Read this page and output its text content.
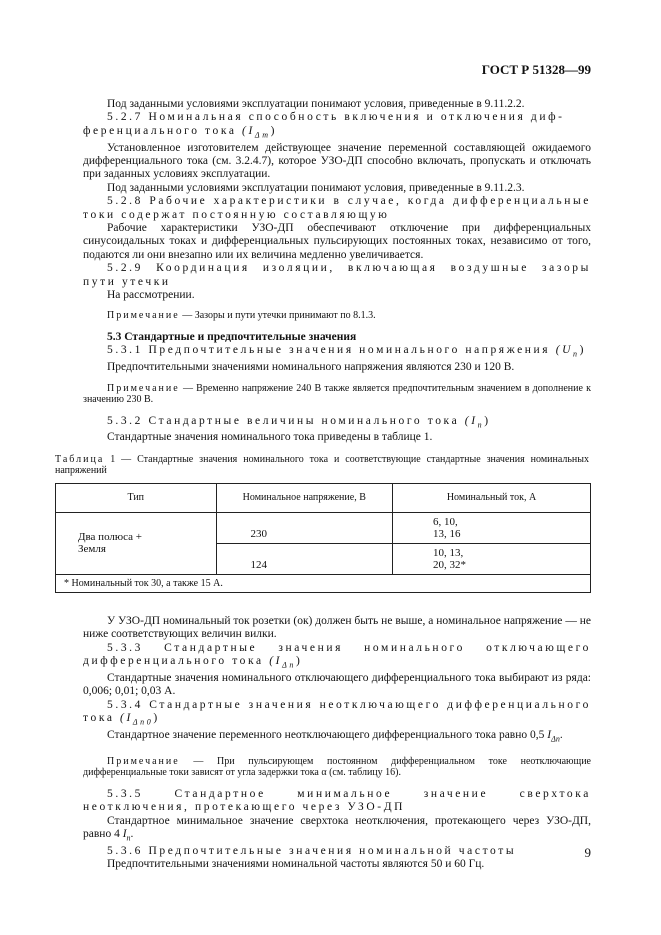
ГОСТ Р 51328—99

Под заданными условиями эксплуатации понимают условия, приведенные в 9.11.2.2.

5.2.7 Номинальная способность включения и отключения диф-

ференциального тока $(I_{\Delta m})$

Установленное изготовителем действующее значение переменной составляющей ожидаемого дифференциального тока (см. 3.2.4.7), которое УЗО-ДП способно включать, пропускать и отключать при заданных условиях эксплуатации.

Под заданными условиями эксплуатации понимают условия, приведенные в 9.11.2.3.

5.2.8 Рабочие характеристики в случае, когда дифференциальные токи содержат постоянную составляющую

Рабочие характеристики УЗО-ДП обеспечивают отключение при дифференциальных синусоидальных токах и дифференциальных пульсирующих постоянных токах, независимо от того, подаются ли они внезапно или их величина медленно увеличивается.

5.2.9 Координация изоляции, включающая воздушные зазоры пути утечки

На рассмотрении.

Примечание — Зазоры и пути утечки принимают по 8.1.3.

5.3 Стандартные и предпочтительные значения

5.3.1 Предпочтительные значения номинального напряжения $(U_n)$

Предпочтительными значениями номинального напряжения являются 230 и 120 В.

Примечание — Временно напряжение 240 В также является предпочтительным значением в дополнение к значению 230 В.

5.3.2 Стандартные величины номинального тока $(I_n)$

Стандартные значения номинального тока приведены в таблице 1.

Таблица 1 — Стандартные значения номинального тока и соответствующие стандартные значения номинальных напряжений

Тип	Номинальное напряжение, В	Номинальный ток, А
Два полюса +
Земля	230	6, 10,
13, 16
	124	10, 13,
20, 32*
* Номинальный ток 30, а также 15 А.		

У УЗО-ДП номинальный ток розетки (ок) должен быть не выше, а номинальное напряжение — не ниже соответствующих величин вилки.

5.3.3 Стандартные значения номинального отключающего дифференциального тока $(I_{\Delta n})$

Стандартные значения номинального отключающего дифференциального тока выбирают из ряда: 0,006; 0,01; 0,03 А.

5.3.4 Стандартные значения неотключающего дифференциального тока $(I_{\Delta n0})$

Стандартное значение переменного неотключающего дифференциального тока равно 0,5 $I_{\Delta n}$.

Примечание — При пульсирующем постоянном дифференциальном токе неотключающие дифференциальные токи зависят от угла задержки тока α (см. таблицу 16).

5.3.5 Стандартное минимальное значение сверхтока неотключения, протекающего через УЗО-ДП

Стандартное минимальное значение сверхтока неотключения, протекающего через УЗО-ДП, равно 4 $I_n$.

5.3.6 Предпочтительные значения номинальной частоты

Предпочтительными значениями номинальной частоты являются 50 и 60 Гц.

9
